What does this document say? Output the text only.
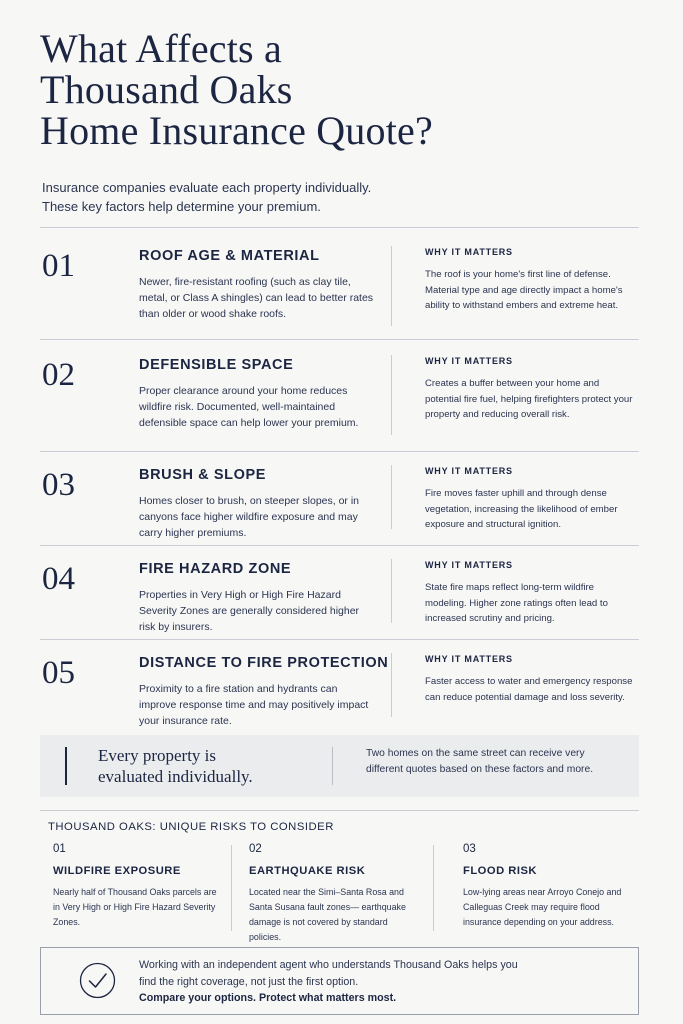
What Affects a
Thousand Oaks
Home Insurance Quote?
Insurance companies evaluate each property individually.
These key factors help determine your premium.
01	ROOF AGE & MATERIAL
Newer, fire-resistant roofing (such as clay tile, metal, or Class A shingles) can lead to better rates than older or wood shake roofs.
WHY IT MATTERS
The roof is your home's first line of defense. Material type and age directly impact a home's ability to withstand embers and extreme heat.
02	DEFENSIBLE SPACE
Proper clearance around your home reduces wildfire risk. Documented, well-maintained defensible space can help lower your premium.
WHY IT MATTERS
Creates a buffer between your home and potential fire fuel, helping firefighters protect your property and reducing overall risk.
03	BRUSH & SLOPE
Homes closer to brush, on steeper slopes, or in canyons face higher wildfire exposure and may carry higher premiums.
WHY IT MATTERS
Fire moves faster uphill and through dense vegetation, increasing the likelihood of ember exposure and structural ignition.
04	FIRE HAZARD ZONE
Properties in Very High or High Fire Hazard Severity Zones are generally considered higher risk by insurers.
WHY IT MATTERS
State fire maps reflect long-term wildfire modeling. Higher zone ratings often lead to increased scrutiny and pricing.
05	DISTANCE TO FIRE PROTECTION
Proximity to a fire station and hydrants can improve response time and may positively impact your insurance rate.
WHY IT MATTERS
Faster access to water and emergency response can reduce potential damage and loss severity.
Every property is
evaluated individually.
Two homes on the same street can receive very different quotes based on these factors and more.
THOUSAND OAKS: UNIQUE RISKS TO CONSIDER
01
WILDFIRE EXPOSURE
Nearly half of Thousand Oaks parcels are in Very High or High Fire Hazard Severity Zones.
02
EARTHQUAKE RISK
Located near the Simi–Santa Rosa and Santa Susana fault zones— earthquake damage is not covered by standard policies.
03
FLOOD RISK
Low-lying areas near Arroyo Conejo and Calleguas Creek may require flood insurance depending on your address.
Working with an independent agent who understands Thousand Oaks helps you
find the right coverage, not just the first option.
Compare your options. Protect what matters most.
